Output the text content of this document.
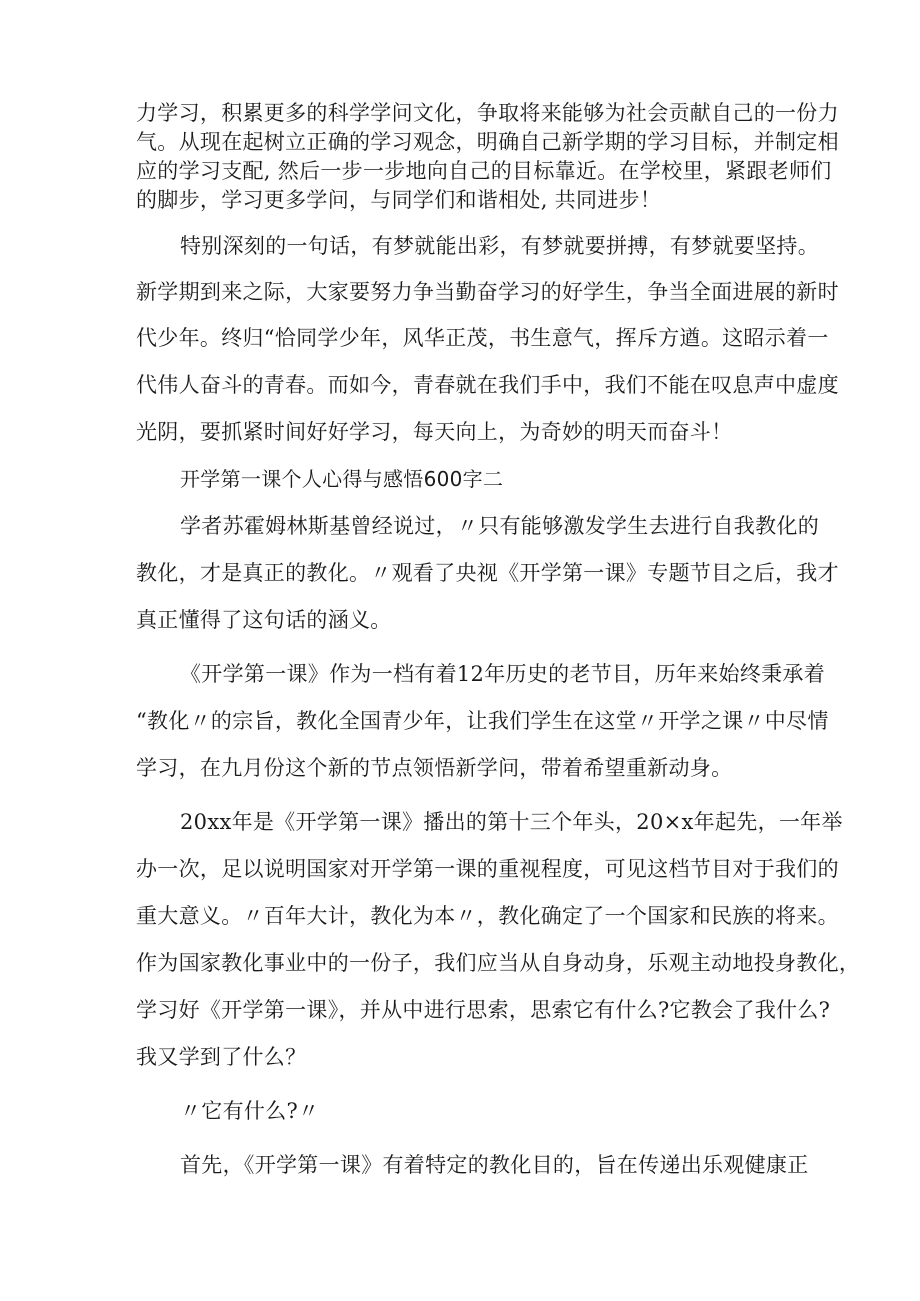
力学习，积累更多的科学学问文化，争取将来能够为社会贡献自己的一份力
气。从现在起树立正确的学习观念，明确自己新学期的学习目标，并制定相
应的学习支配, 然后一步一步地向自己的目标靠近。在学校里，紧跟老师们
的脚步，学习更多学问，与同学们和谐相处, 共同进步！
特别深刻的一句话，有梦就能出彩，有梦就要拼搏，有梦就要坚持。
新学期到来之际，大家要努力争当勤奋学习的好学生，争当全面进展的新时
代少年。终归“恰同学少年，风华正茂，书生意气，挥斥方遒。这昭示着一
代伟人奋斗的青春。而如今，青春就在我们手中，我们不能在叹息声中虚度
光阴，要抓紧时间好好学习，每天向上，为奇妙的明天而奋斗！
开学第一课个人心得与感悟600字二
学者苏霍姆林斯基曾经说过，〃只有能够激发学生去进行自我教化的
教化，才是真正的教化。〃观看了央视《开学第一课》专题节目之后，我才
真正懂得了这句话的涵义。
《开学第一课》作为一档有着12年历史的老节目，历年来始终秉承着
“教化〃的宗旨，教化全国青少年，让我们学生在这堂〃开学之课〃中尽情
学习，在九月份这个新的节点领悟新学问，带着希望重新动身。
20xx年是《开学第一课》播出的第十三个年头，20×x年起先，一年举
办一次，足以说明国家对开学第一课的重视程度，可见这档节目对于我们的
重大意义。〃百年大计，教化为本〃，教化确定了一个国家和民族的将来。
作为国家教化事业中的一份子，我们应当从自身动身，乐观主动地投身教化，
学习好《开学第一课》，并从中进行思索，思索它有什么?它教会了我什么?
我又学到了什么？
〃它有什么?〃
首先，《开学第一课》有着特定的教化目的，旨在传递出乐观健康正
